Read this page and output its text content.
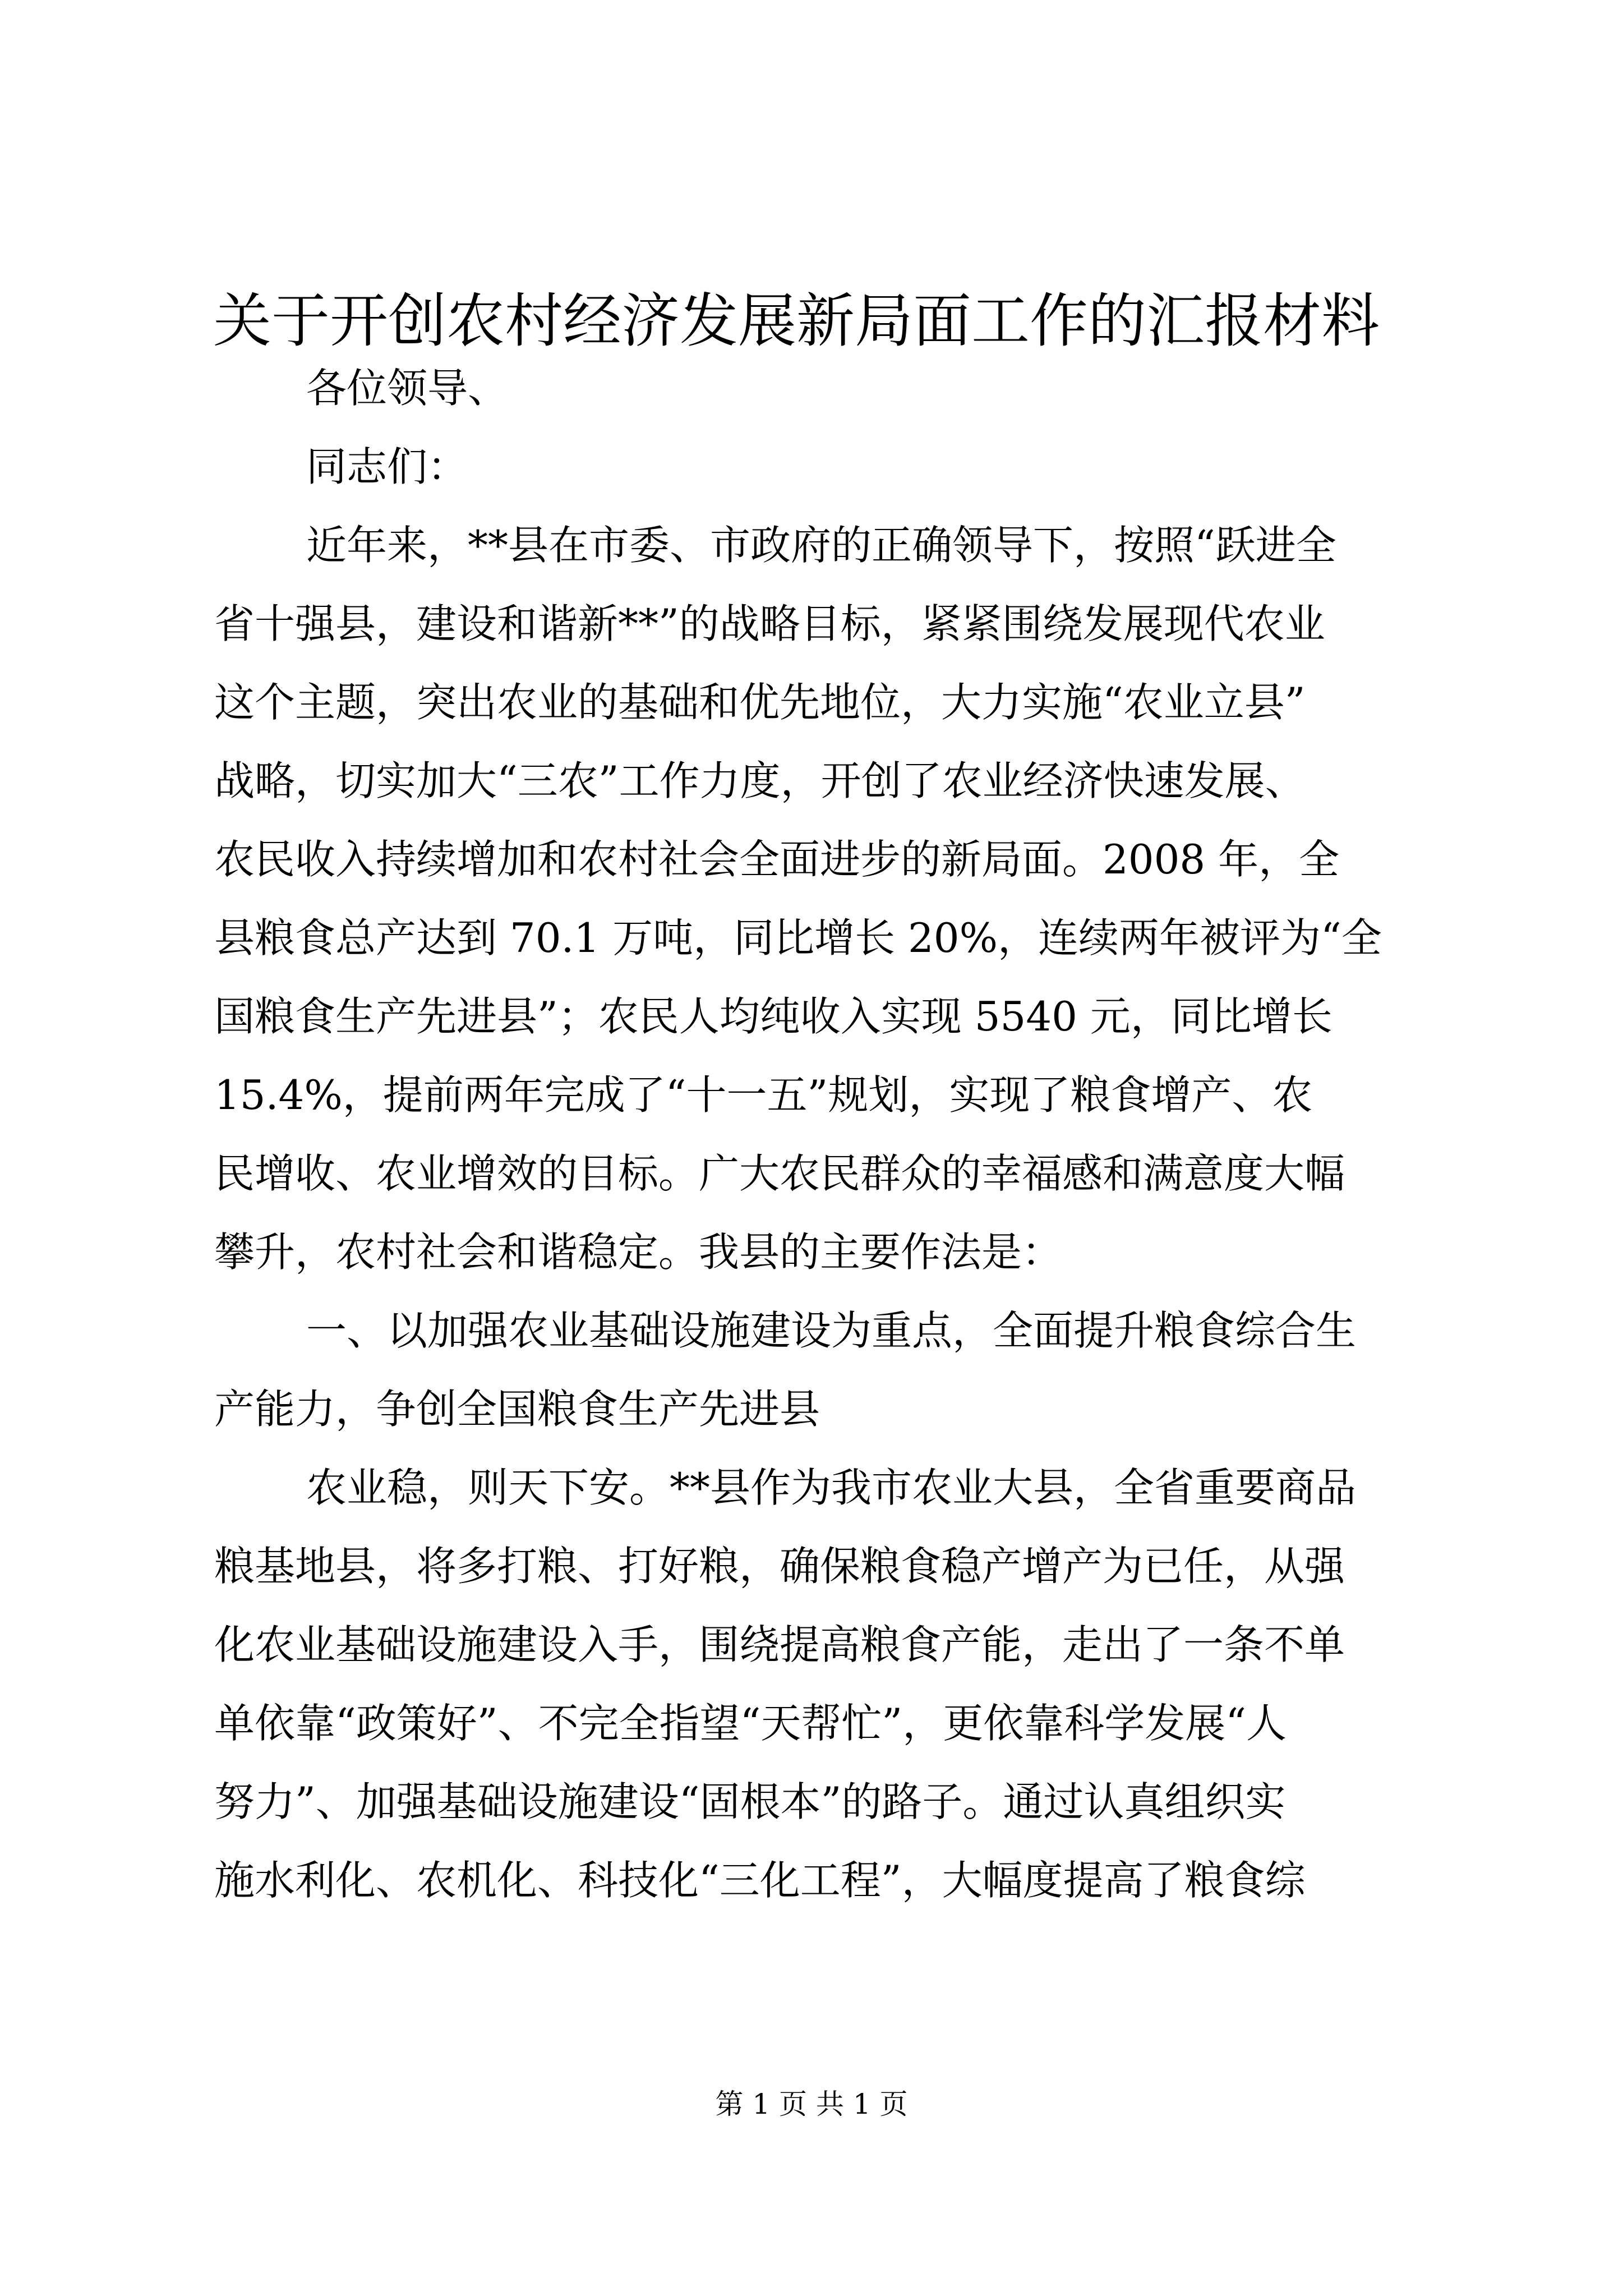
关于开创农村经济发展新局面工作的汇报材料
各位领导、
同志们：
近年来，**县在市委、市政府的正确领导下，按照“跃进全
省十强县，建设和谐新**”的战略目标，紧紧围绕发展现代农业
这个主题，突出农业的基础和优先地位，大力实施“农业立县”
战略，切实加大“三农”工作力度，开创了农业经济快速发展、
农民收入持续增加和农村社会全面进步的新局面。2008 年，全
县粮食总产达到 70.1 万吨，同比增长 20%，连续两年被评为“全
国粮食生产先进县”；农民人均纯收入实现 5540 元，同比增长
15.4%，提前两年完成了“十一五”规划，实现了粮食增产、农
民增收、农业增效的目标。广大农民群众的幸福感和满意度大幅
攀升，农村社会和谐稳定。我县的主要作法是：
一、以加强农业基础设施建设为重点，全面提升粮食综合生
产能力，争创全国粮食生产先进县
农业稳，则天下安。**县作为我市农业大县，全省重要商品
粮基地县，将多打粮、打好粮，确保粮食稳产增产为已任，从强
化农业基础设施建设入手，围绕提高粮食产能，走出了一条不单
单依靠“政策好”、不完全指望“天帮忙”，更依靠科学发展“人
努力”、加强基础设施建设“固根本”的路子。通过认真组织实
施水利化、农机化、科技化“三化工程”，大幅度提高了粮食综
第 1 页 共 1 页
